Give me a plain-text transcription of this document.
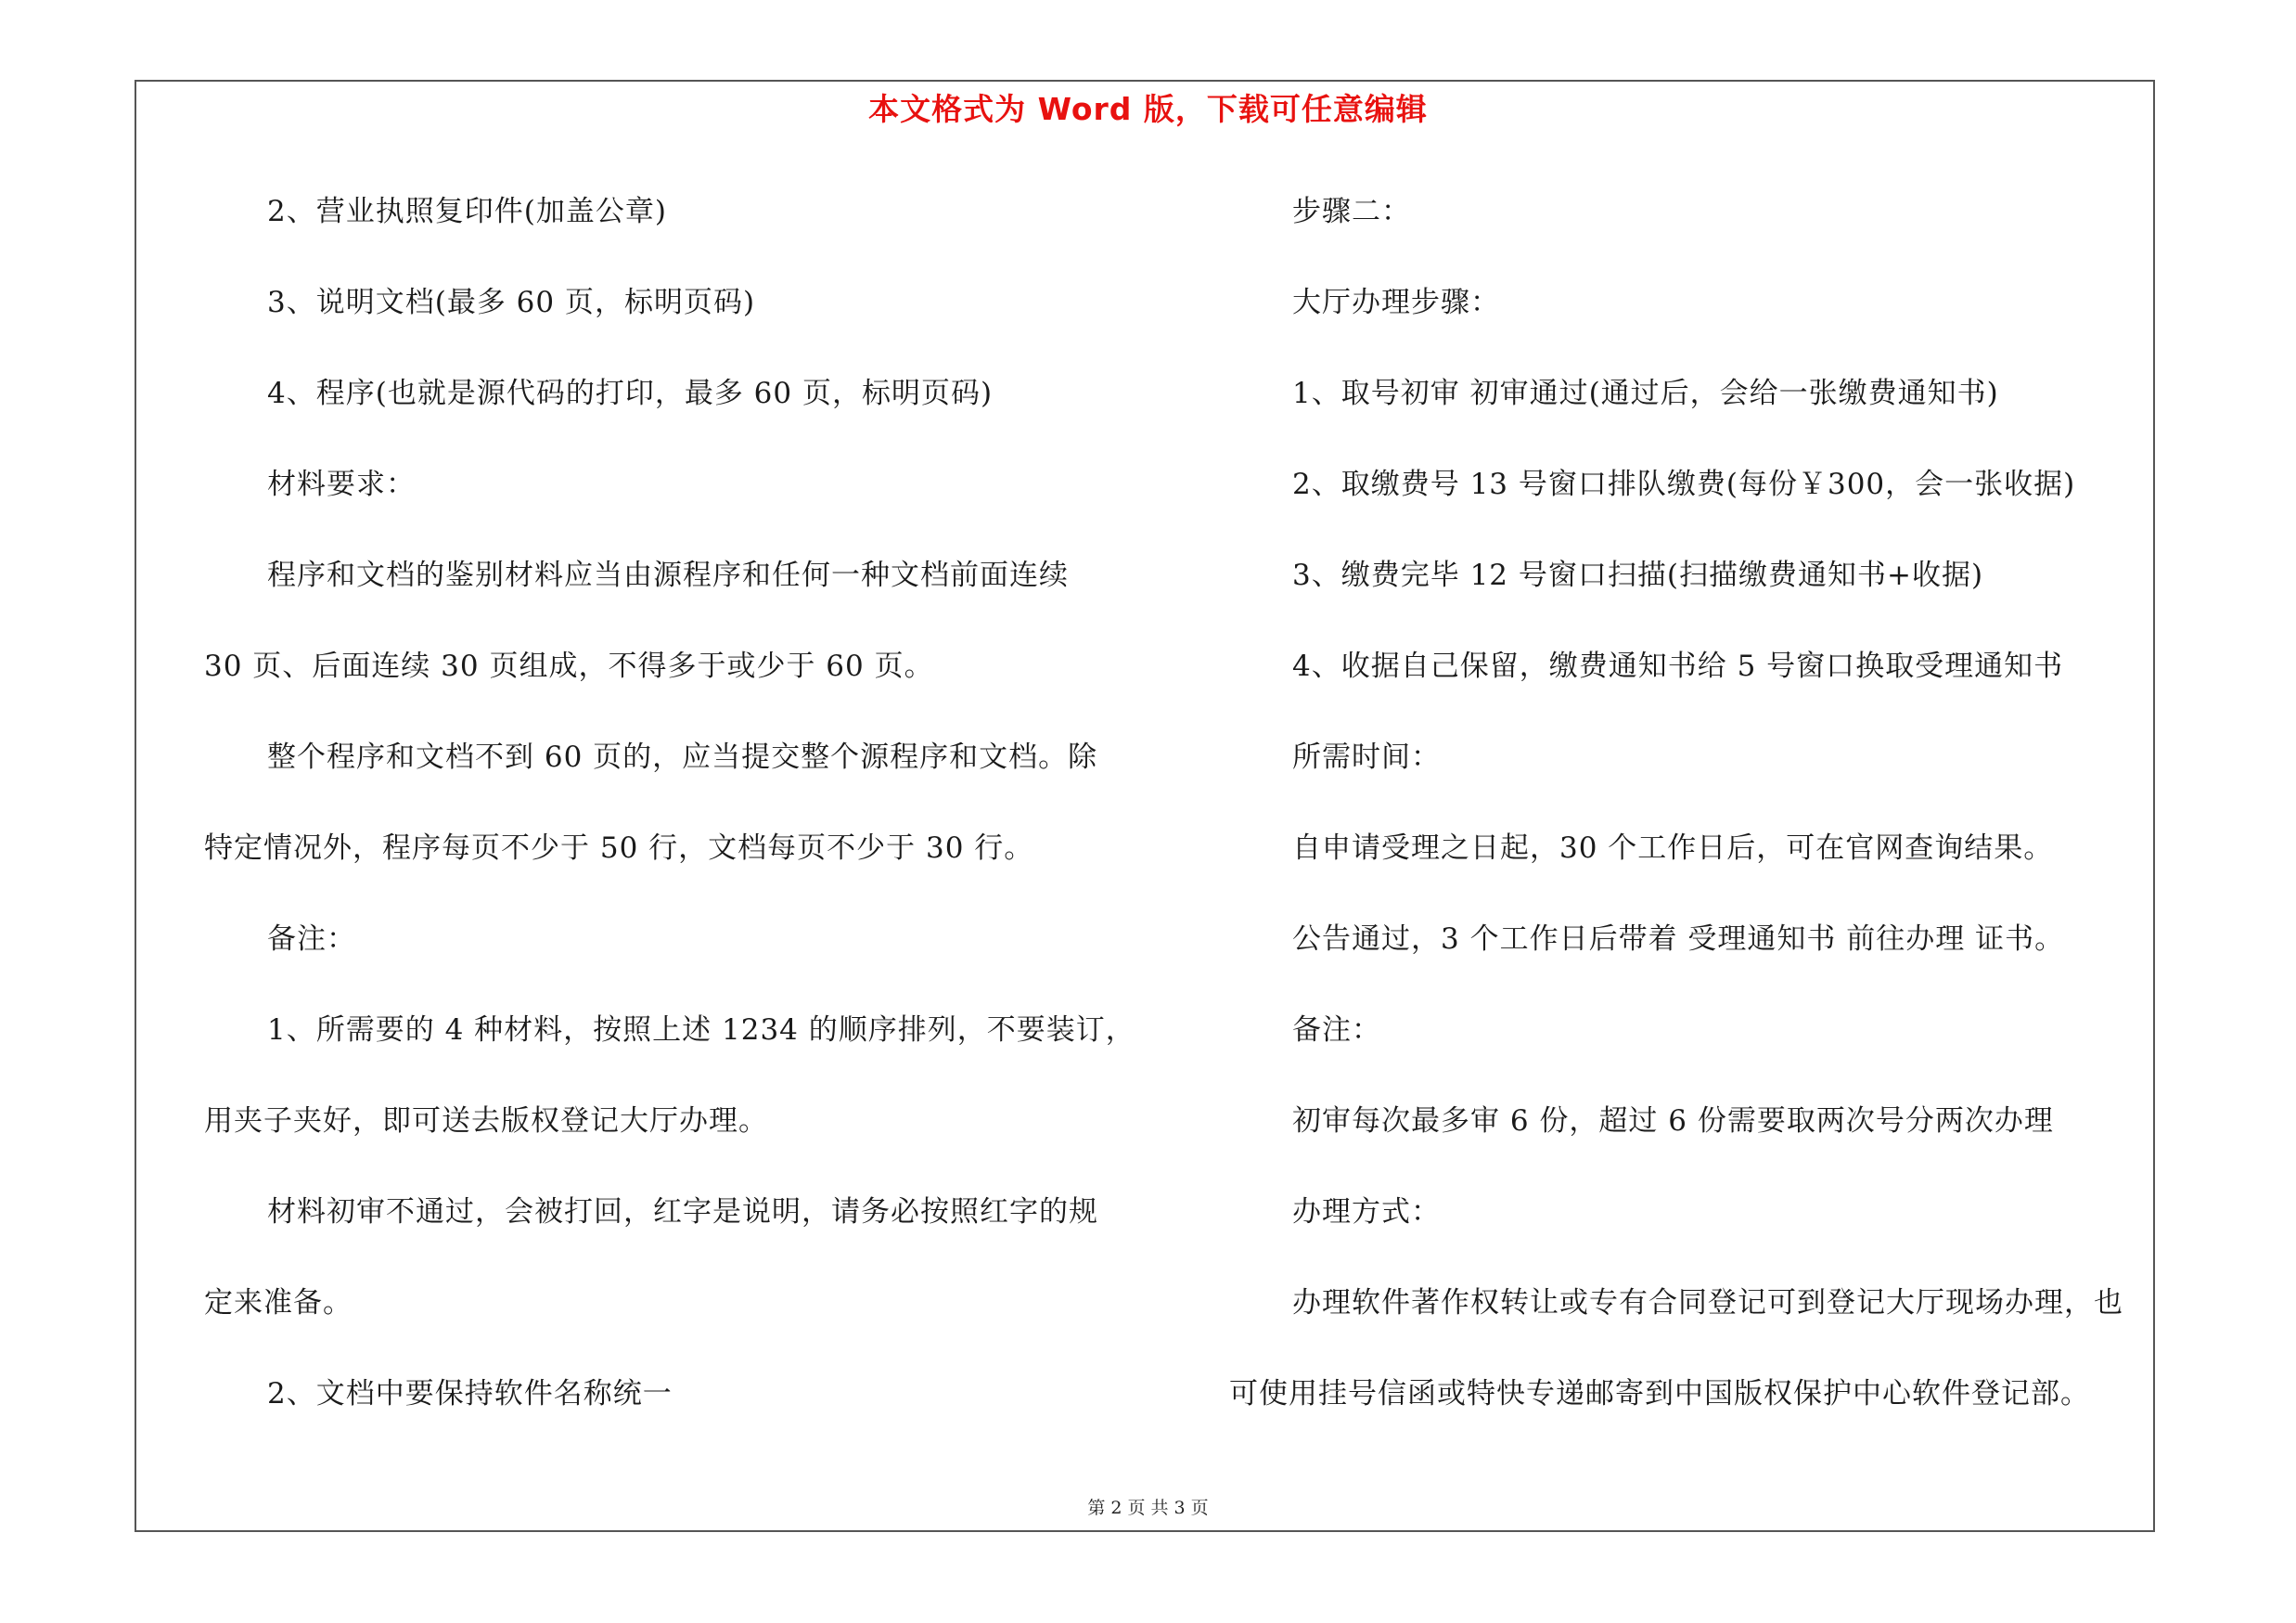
本文格式为 Word 版，下载可任意编辑
2、营业执照复印件(加盖公章)
3、说明文档(最多 60 页，标明页码)
4、程序(也就是源代码的打印，最多 60 页，标明页码)
材料要求：
程序和文档的鉴别材料应当由源程序和任何一种文档前面连续
30 页、后面连续 30 页组成，不得多于或少于 60 页。
整个程序和文档不到 60 页的，应当提交整个源程序和文档。除
特定情况外，程序每页不少于 50 行，文档每页不少于 30 行。
备注：
1、所需要的 4 种材料，按照上述 1234 的顺序排列，不要装订，
用夹子夹好，即可送去版权登记大厅办理。
材料初审不通过，会被打回，红字是说明，请务必按照红字的规
定来准备。
2、文档中要保持软件名称统一
步骤二：
大厅办理步骤：
1、取号初审 初审通过(通过后，会给一张缴费通知书)
2、取缴费号 13 号窗口排队缴费(每份￥300，会一张收据)
3、缴费完毕 12 号窗口扫描(扫描缴费通知书+收据)
4、收据自己保留，缴费通知书给 5 号窗口换取受理通知书
所需时间：
自申请受理之日起，30 个工作日后，可在官网查询结果。
公告通过，3 个工作日后带着 受理通知书 前往办理 证书。
备注：
初审每次最多审 6 份，超过 6 份需要取两次号分两次办理
办理方式：
办理软件著作权转让或专有合同登记可到登记大厅现场办理，也
可使用挂号信函或特快专递邮寄到中国版权保护中心软件登记部。
第 2 页 共 3 页
